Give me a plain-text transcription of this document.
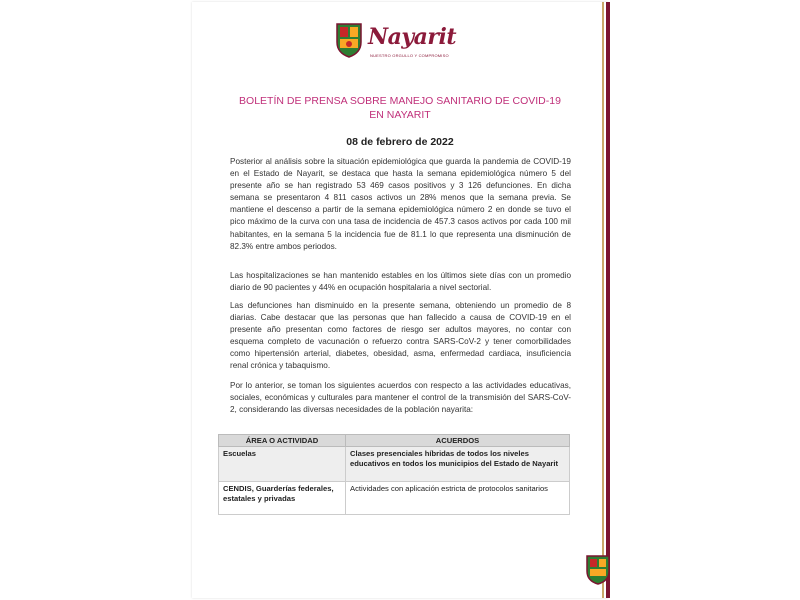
Nayarit
NUESTRO ORGULLO Y COMPROMISO
BOLETÍN DE PRENSA SOBRE MANEJO SANITARIO DE COVID-19 EN NAYARIT
08 de febrero de 2022

Posterior al análisis sobre la situación epidemiológica que guarda la pandemia de COVID-19 en el Estado de Nayarit, se destaca que hasta la semana epidemiológica número 5 del presente año se han registrado 53 469 casos positivos y 3 126 defunciones. En dicha semana se presentaron 4 811 casos activos un 28% menos que la semana previa. Se mantiene el descenso a partir de la semana epidemiológica número 2 en donde se tuvo el pico máximo de la curva con una tasa de incidencia de 457.3 casos activos por cada 100 mil habitantes, en la semana 5 la incidencia fue de 81.1 lo que representa una disminución de 82.3% entre ambos periodos.

Las hospitalizaciones se han mantenido estables en los últimos siete días con un promedio diario de 90 pacientes y 44% en ocupación hospitalaria a nivel sectorial.

Las defunciones han disminuido en la presente semana, obteniendo un promedio de 8 diarias. Cabe destacar que las personas que han fallecido a causa de COVID-19 en el presente año presentan como factores de riesgo ser adultos mayores, no contar con esquema completo de vacunación o refuerzo contra SARS-CoV-2 y tener comorbilidades como hipertensión arterial, diabetes, obesidad, asma, enfermedad cardiaca, insuficiencia renal crónica y tabaquismo.

Por lo anterior, se toman los siguientes acuerdos con respecto a las actividades educativas, sociales, económicas y culturales para mantener el control de la transmisión del SARS-CoV-2, considerando las diversas necesidades de la población nayarita:

ÁREA O ACTIVIDAD	ACUERDOS
Escuelas	Clases presenciales híbridas de todos los niveles educativos en todos los municipios del Estado de Nayarit
CENDIS, Guarderías federales, estatales y privadas	Actividades con aplicación estricta de protocolos sanitarios
